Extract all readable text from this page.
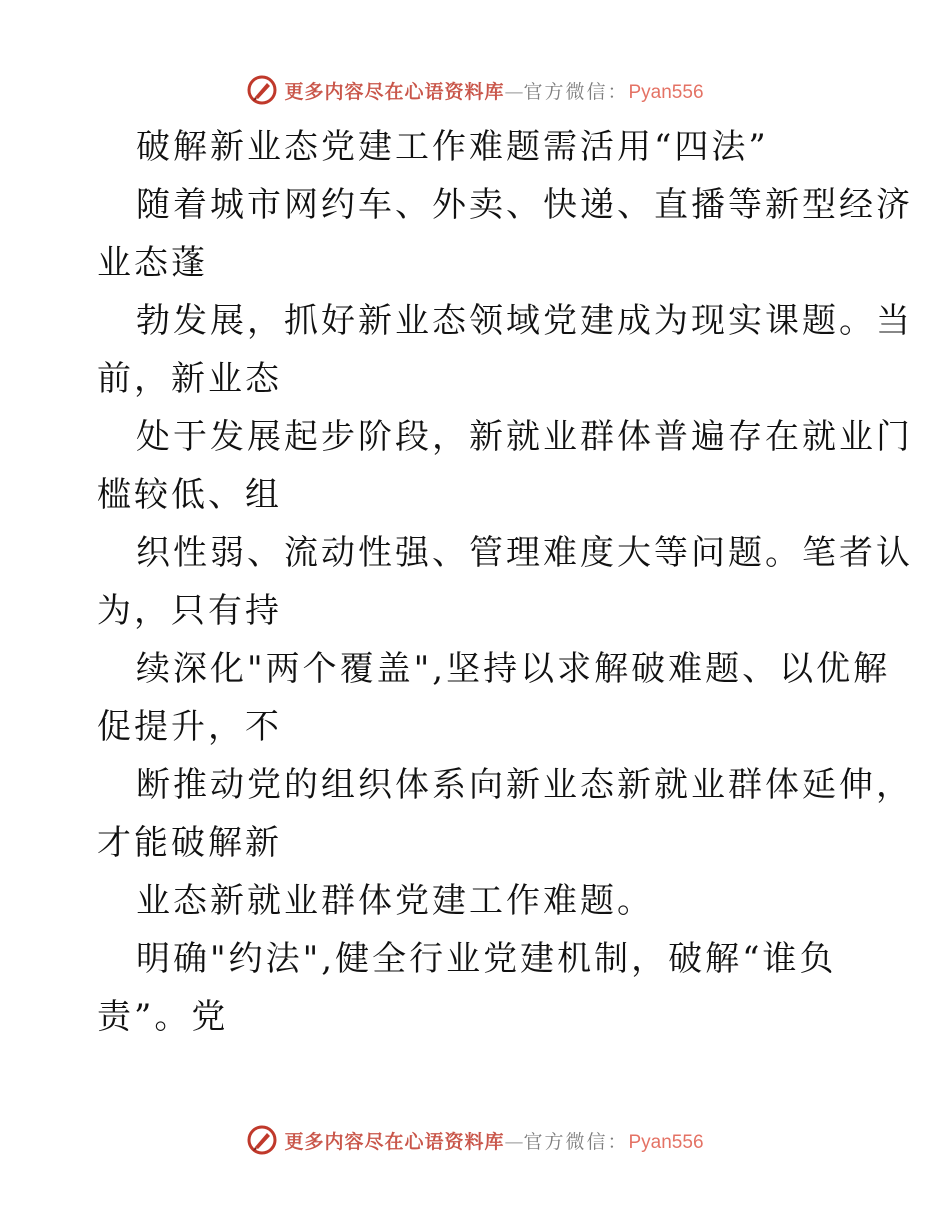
更多内容尽在心语资料库—官方微信：Pyan556
破解新业态党建工作难题需活用“四法”
随着城市网约车、外卖、快递、直播等新型经济
业态蓬
勃发展，抓好新业态领域党建成为现实课题。当
前，新业态
处于发展起步阶段，新就业群体普遍存在就业门
槛较低、组
织性弱、流动性强、管理难度大等问题。笔者认
为，只有持
续深化"两个覆盖",坚持以求解破难题、以优解
促提升，不
断推动党的组织体系向新业态新就业群体延伸，
才能破解新
业态新就业群体党建工作难题。
明确"约法",健全行业党建机制，破解“谁负
责”。党
更多内容尽在心语资料库—官方微信：Pyan556
